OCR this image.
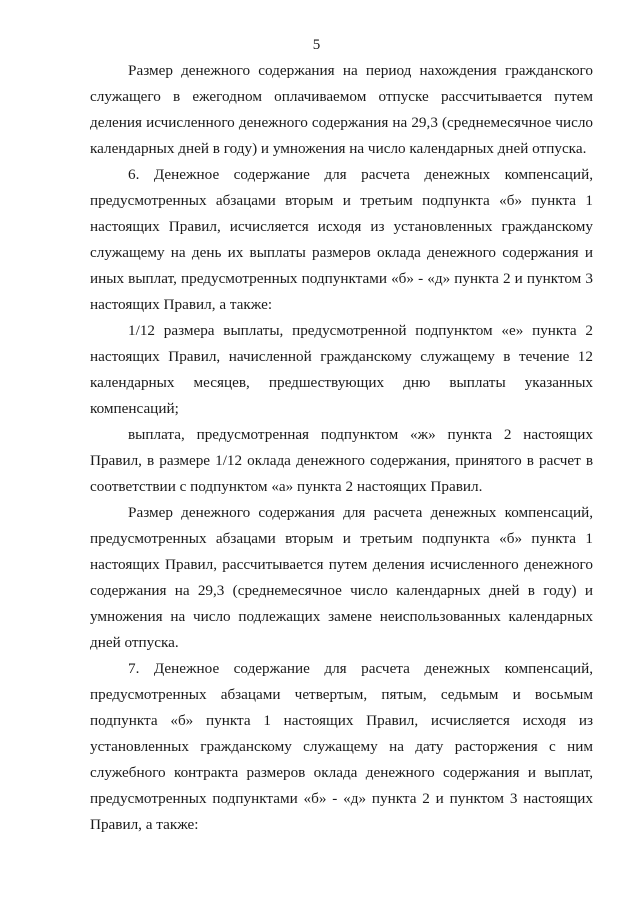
5

Размер денежного содержания на период нахождения гражданского служащего в ежегодном оплачиваемом отпуске рассчитывается путем деления исчисленного денежного содержания на 29,3 (среднемесячное число календарных дней в году) и умножения на число календарных дней отпуска.

6. Денежное содержание для расчета денежных компенсаций, предусмотренных абзацами вторым и третьим подпункта «б» пункта 1 настоящих Правил, исчисляется исходя из установленных гражданскому служащему на день их выплаты размеров оклада денежного содержания и иных выплат, предусмотренных подпунктами «б» - «д» пункта 2 и пунктом 3 настоящих Правил, а также:

1/12 размера выплаты, предусмотренной подпунктом «е» пункта 2 настоящих Правил, начисленной гражданскому служащему в течение 12 календарных месяцев, предшествующих дню выплаты указанных компенсаций;

выплата, предусмотренная подпунктом «ж» пункта 2 настоящих Правил, в размере 1/12 оклада денежного содержания, принятого в расчет в соответствии с подпунктом «а» пункта 2 настоящих Правил.

Размер денежного содержания для расчета денежных компенсаций, предусмотренных абзацами вторым и третьим подпункта «б» пункта 1 настоящих Правил, рассчитывается путем деления исчисленного денежного содержания на 29,3 (среднемесячное число календарных дней в году) и умножения на число подлежащих замене неиспользованных календарных дней отпуска.

7. Денежное содержание для расчета денежных компенсаций, предусмотренных абзацами четвертым, пятым, седьмым и восьмым подпункта «б» пункта 1 настоящих Правил, исчисляется исходя из установленных гражданскому служащему на дату расторжения с ним служебного контракта размеров оклада денежного содержания и выплат, предусмотренных подпунктами «б» - «д» пункта 2 и пунктом 3 настоящих Правил, а также:
